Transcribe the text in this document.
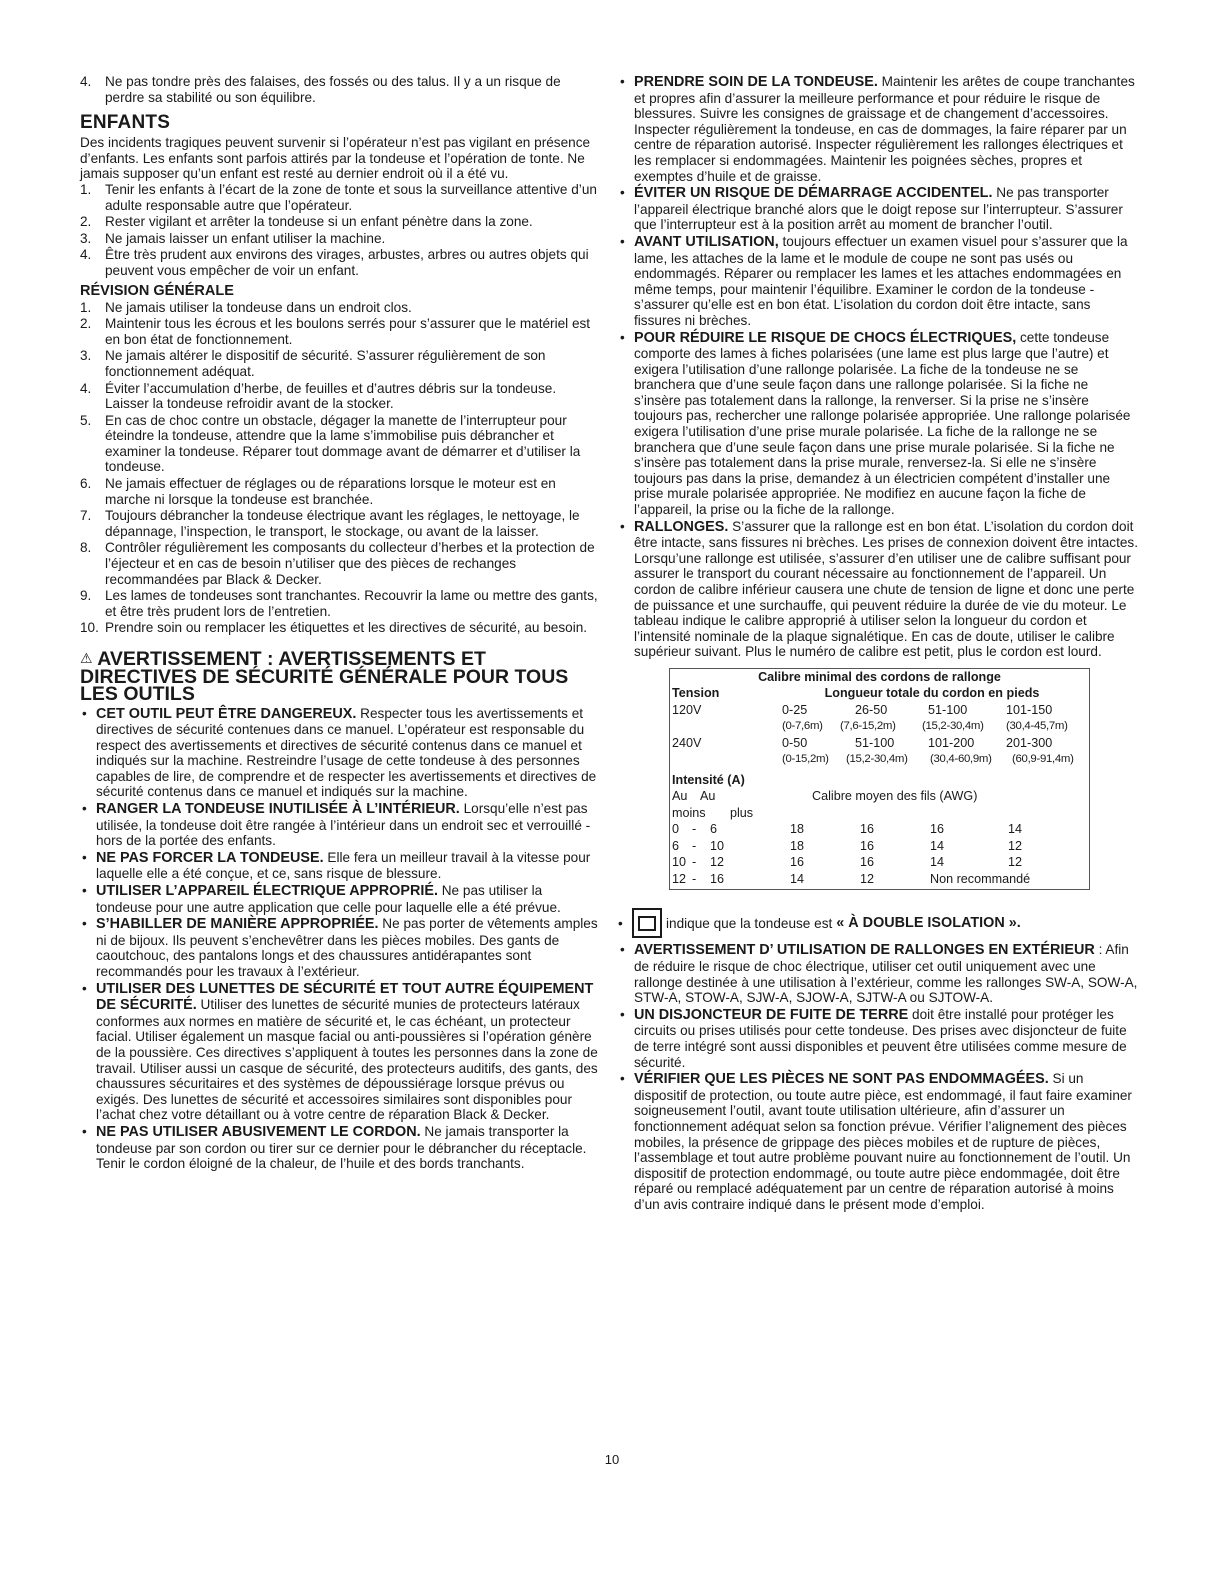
4.	Ne pas tondre près des falaises, des fossés ou des talus. Il y a un risque de perdre sa stabilité ou son équilibre.
ENFANTS

Des incidents tragiques peuvent survenir si l’opérateur n’est pas vigilant en présence d’enfants. Les enfants sont parfois attirés par la tondeuse et l’opération de tonte. Ne jamais supposer qu’un enfant est resté au dernier endroit où il a été vu.

1.	Tenir les enfants à l’écart de la zone de tonte et sous la surveillance attentive d’un adulte responsable autre que l’opérateur.
2.	Rester vigilant et arrêter la tondeuse si un enfant pénètre dans la zone.
3.	Ne jamais laisser un enfant utiliser la machine.
4.	Être très prudent aux environs des virages, arbustes, arbres ou autres objets qui peuvent vous empêcher de voir un enfant.
RÉVISION GÉNÉRALE
1.	Ne jamais utiliser la tondeuse dans un endroit clos.
2.	Maintenir tous les écrous et les boulons serrés pour s’assurer que le matériel est en bon état de fonctionnement.
3.	Ne jamais altérer le dispositif de sécurité. S’assurer régulièrement de son fonctionnement adéquat.
4.	Éviter l’accumulation d’herbe, de feuilles et d’autres débris sur la tondeuse. Laisser la tondeuse refroidir avant de la stocker.
5.	En cas de choc contre un obstacle, dégager la manette de l’interrupteur pour éteindre la tondeuse, attendre que la lame s’immobilise puis débrancher et examiner la tondeuse. Réparer tout dommage avant de démarrer et d’utiliser la tondeuse.
6.	Ne jamais effectuer de réglages ou de réparations lorsque le moteur est en marche ni lorsque la tondeuse est branchée.
7.	Toujours débrancher la tondeuse électrique avant les réglages, le nettoyage, le dépannage, l’inspection, le transport, le stockage, ou avant de la laisser.
8.	Contrôler régulièrement les composants du collecteur d’herbes et la protection de l’éjecteur et en cas de besoin n’utiliser que des pièces de rechanges recommandées par Black & Decker.
9.	Les lames de tondeuses sont tranchantes. Recouvrir la lame ou mettre des gants, et être très prudent lors de l’entretien.
10. Prendre soin ou remplacer les étiquettes et les directives de sécurité, au besoin.
⚠ AVERTISSEMENT : AVERTISSEMENTS ET DIRECTIVES DE SÉCURITÉ GÉNÉRALE POUR TOUS LES OUTILS
• CET OUTIL PEUT ÊTRE DANGEREUX. Respecter tous les avertissements et directives de sécurité contenues dans ce manuel. L’opérateur est responsable du respect des avertissements et directives de sécurité contenus dans ce manuel et indiqués sur la machine. Restreindre l’usage de cette tondeuse à des personnes capables de lire, de comprendre et de respecter les avertissements et directives de sécurité contenus dans ce manuel et indiqués sur la machine.
• RANGER LA TONDEUSE INUTILISÉE À L’INTÉRIEUR. Lorsqu’elle n’est pas utilisée, la tondeuse doit être rangée à l’intérieur dans un endroit sec et verrouillé - hors de la portée des enfants.
• NE PAS FORCER LA TONDEUSE. Elle fera un meilleur travail à la vitesse pour laquelle elle a été conçue, et ce, sans risque de blessure.
• UTILISER L’APPAREIL ÉLECTRIQUE APPROPRIÉ. Ne pas utiliser la tondeuse pour une autre application que celle pour laquelle elle a été prévue.
• S’HABILLER DE MANIÈRE APPROPRIÉE. Ne pas porter de vêtements amples ni de bijoux. Ils peuvent s’enchevêtrer dans les pièces mobiles. Des gants de caoutchouc, des pantalons longs et des chaussures antidérapantes sont recommandés pour les travaux à l’extérieur.
• UTILISER DES LUNETTES DE SÉCURITÉ ET TOUT AUTRE ÉQUIPEMENT DE SÉCURITÉ. Utiliser des lunettes de sécurité munies de protecteurs latéraux conformes aux normes en matière de sécurité et, le cas échéant, un protecteur facial. Utiliser également un masque facial ou anti-poussières si l’opération génère de la poussière. Ces directives s’appliquent à toutes les personnes dans la zone de travail. Utiliser aussi un casque de sécurité, des protecteurs auditifs, des gants, des chaussures sécuritaires et des systèmes de dépoussiérage lorsque prévus ou exigés. Des lunettes de sécurité et accessoires similaires sont disponibles pour l’achat chez votre détaillant ou à votre centre de réparation Black & Decker.
• NE PAS UTILISER ABUSIVEMENT LE CORDON. Ne jamais transporter la tondeuse par son cordon ou tirer sur ce dernier pour le débrancher du réceptacle. Tenir le cordon éloigné de la chaleur, de l’huile et des bords tranchants.
• PRENDRE SOIN DE LA TONDEUSE. Maintenir les arêtes de coupe tranchantes et propres afin d’assurer la meilleure performance et pour réduire le risque de blessures. Suivre les consignes de graissage et de changement d’accessoires. Inspecter régulièrement la tondeuse, en cas de dommages, la faire réparer par un centre de réparation autorisé. Inspecter régulièrement les rallonges électriques et les remplacer si endommagées. Maintenir les poignées sèches, propres et exemptes d’huile et de graisse.
• ÉVITER UN RISQUE DE DÉMARRAGE ACCIDENTEL. Ne pas transporter l’appareil électrique branché alors que le doigt repose sur l’interrupteur. S’assurer que l’interrupteur est à la position arrêt au moment de brancher l’outil.
• AVANT UTILISATION, toujours effectuer un examen visuel pour s’assurer que la lame, les attaches de la lame et le module de coupe ne sont pas usés ou endommagés. Réparer ou remplacer les lames et les attaches endommagées en même temps, pour maintenir l’équilibre. Examiner le cordon de la tondeuse - s’assurer qu’elle est en bon état. L’isolation du cordon doit être intacte, sans fissures ni brèches.
• POUR RÉDUIRE LE RISQUE DE CHOCS ÉLECTRIQUES, cette tondeuse comporte des lames à fiches polarisées (une lame est plus large que l’autre) et exigera l’utilisation d’une rallonge polarisée. La fiche de la tondeuse ne se branchera que d’une seule façon dans une rallonge polarisée. Si la fiche ne s’insère pas totalement dans la rallonge, la renverser. Si la prise ne s’insère toujours pas, rechercher une rallonge polarisée appropriée. Une rallonge polarisée exigera l’utilisation d’une prise murale polarisée. La fiche de la rallonge ne se branchera que d’une seule façon dans une prise murale polarisée. Si la fiche ne s’insère pas totalement dans la prise murale, renversez-la. Si elle ne s’insère toujours pas dans la prise, demandez à un électricien compétent d’installer une prise murale polarisée appropriée. Ne modifiez en aucune façon la fiche de l’appareil, la prise ou la fiche de la rallonge.
• RALLONGES. S’assurer que la rallonge est en bon état. L’isolation du cordon doit être intacte, sans fissures ni brèches. Les prises de connexion doivent être intactes. Lorsqu’une rallonge est utilisée, s’assurer d’en utiliser une de calibre suffisant pour assurer le transport du courant nécessaire au fonctionnement de l’appareil. Un cordon de calibre inférieur causera une chute de tension de ligne et donc une perte de puissance et une surchauffe, qui peuvent réduire la durée de vie du moteur. Le tableau indique le calibre approprié à utiliser selon la longueur du cordon et l’intensité nominale de la plaque signalétique. En cas de doute, utiliser le calibre supérieur suivant. Plus le numéro de calibre est petit, plus le cordon est lourd.
Calibre minimal des cordons de rallonge
Tension	Longueur totale du cordon en pieds
120V	0-25	26-50	51-100	101-150
(0-7,6m)	(7,6-15,2m)	(15,2-30,4m)	(30,4-45,7m)
240V	0-50	51-100	101-200	201-300
(0-15,2m)	(15,2-30,4m)	(30,4-60,9m)	(60,9-91,4m)
Intensité (A)
Au Au	Calibre moyen des fils (AWG)
moins	plus
0	-	6	18	16	16	14
6	-	10	18	16	14	12
10 -	12	16	16	14	12
12 -	16	14	12	Non recommandé
•	indique que la tondeuse est « À DOUBLE ISOLATION ».
• AVERTISSEMENT D’ UTILISATION DE RALLONGES EN EXTÉRIEUR : Afin de réduire le risque de choc électrique, utiliser cet outil uniquement avec une rallonge destinée à une utilisation à l’extérieur, comme les rallonges SW-A, SOW-A, STW-A, STOW-A, SJW-A, SJOW-A, SJTW-A ou SJTOW-A.
• UN DISJONCTEUR DE FUITE DE TERRE doit être installé pour protéger les circuits ou prises utilisés pour cette tondeuse. Des prises avec disjoncteur de fuite de terre intégré sont aussi disponibles et peuvent être utilisées comme mesure de sécurité.
• VÉRIFIER QUE LES PIÈCES NE SONT PAS ENDOMMAGÉES. Si un dispositif de protection, ou toute autre pièce, est endommagé, il faut faire examiner soigneusement l’outil, avant toute utilisation ultérieure, afin d’assurer un fonctionnement adéquat selon sa fonction prévue. Vérifier l’alignement des pièces mobiles, la présence de grippage des pièces mobiles et de rupture de pièces, l’assemblage et tout autre problème pouvant nuire au fonctionnement de l’outil. Un dispositif de protection endommagé, ou toute autre pièce endommagée, doit être réparé ou remplacé adéquatement par un centre de réparation autorisé à moins d’un avis contraire indiqué dans le présent mode d’emploi.
10
